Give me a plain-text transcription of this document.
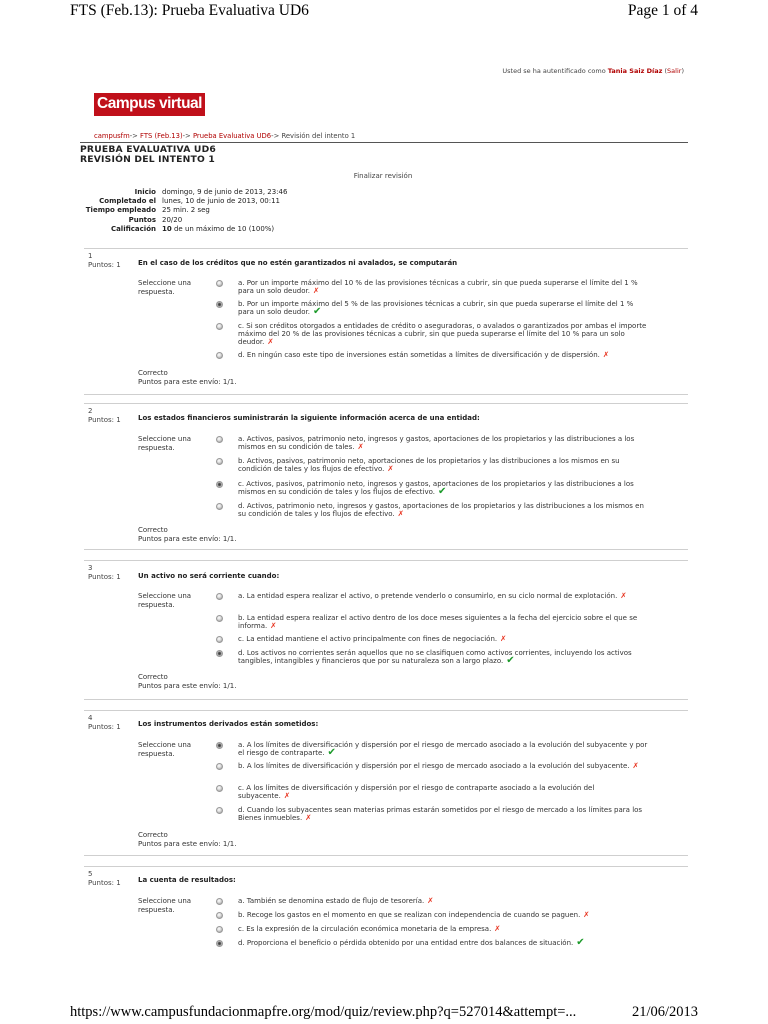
FTS (Feb.13): Prueba Evaluativa UD6	Page 1 of 4
Usted se ha autentificado como Tania Saiz Díaz (Salir)
Campus virtual
campusfm-> FTS (Feb.13)-> Prueba Evaluativa UD6-> Revisión del intento 1
PRUEBA EVALUATIVA UD6
REVISIÓN DEL INTENTO 1
Finalizar revisión
Inicio domingo, 9 de junio de 2013, 23:46
Completado el lunes, 10 de junio de 2013, 00:11
Tiempo empleado 25 min. 2 seg
Puntos 20/20
Calificación 10 de un máximo de 10 (100%)
1
Puntos: 1 En el caso de los créditos que no estén garantizados ni avalados, se computarán
Seleccione una respuesta.
a. Por un importe máximo del 10 % de las provisiones técnicas a cubrir, sin que pueda superarse el límite del 1 % para un solo deudor. ✗
b. Por un importe máximo del 5 % de las provisiones técnicas a cubrir, sin que pueda superarse el límite del 1 % para un solo deudor. ✔
c. Si son créditos otorgados a entidades de crédito o aseguradoras, o avalados o garantizados por ambas el importe máximo del 20 % de las provisiones técnicas a cubrir, sin que pueda superarse el límite del 10 % para un solo deudor. ✗
d. En ningún caso este tipo de inversiones están sometidas a límites de diversificación y de dispersión. ✗
Correcto
Puntos para este envío: 1/1.
2
Puntos: 1 Los estados financieros suministrarán la siguiente información acerca de una entidad:
Seleccione una respuesta.
a. Activos, pasivos, patrimonio neto, ingresos y gastos, aportaciones de los propietarios y las distribuciones a los mismos en su condición de tales. ✗
b. Activos, pasivos, patrimonio neto, aportaciones de los propietarios y las distribuciones a los mismos en su condición de tales y los flujos de efectivo. ✗
c. Activos, pasivos, patrimonio neto, ingresos y gastos, aportaciones de los propietarios y las distribuciones a los mismos en su condición de tales y los flujos de efectivo. ✔
d. Activos, patrimonio neto, ingresos y gastos, aportaciones de los propietarios y las distribuciones a los mismos en su condición de tales y los flujos de efectivo. ✗
Correcto
Puntos para este envío: 1/1.
3
Puntos: 1 Un activo no será corriente cuando:
Seleccione una respuesta.
a. La entidad espera realizar el activo, o pretende venderlo o consumirlo, en su ciclo normal de explotación. ✗
b. La entidad espera realizar el activo dentro de los doce meses siguientes a la fecha del ejercicio sobre el que se informa. ✗
c. La entidad mantiene el activo principalmente con fines de negociación. ✗
d. Los activos no corrientes serán aquellos que no se clasifiquen como activos corrientes, incluyendo los activos tangibles, intangibles y financieros que por su naturaleza son a largo plazo. ✔
Correcto
Puntos para este envío: 1/1.
4
Puntos: 1 Los instrumentos derivados están sometidos:
Seleccione una respuesta.
a. A los límites de diversificación y dispersión por el riesgo de mercado asociado a la evolución del subyacente y por el riesgo de contraparte. ✔
b. A los límites de diversificación y dispersión por el riesgo de mercado asociado a la evolución del subyacente. ✗
c. A los límites de diversificación y dispersión por el riesgo de contraparte asociado a la evolución del subyacente. ✗
d. Cuando los subyacentes sean materias primas estarán sometidos por el riesgo de mercado a los límites para los Bienes inmuebles. ✗
Correcto
Puntos para este envío: 1/1.
5
Puntos: 1 La cuenta de resultados:
Seleccione una respuesta.
a. También se denomina estado de flujo de tesorería. ✗
b. Recoge los gastos en el momento en que se realizan con independencia de cuando se paguen. ✗
c. Es la expresión de la circulación económica monetaria de la empresa. ✗
d. Proporciona el beneficio o pérdida obtenido por una entidad entre dos balances de situación. ✔
https://www.campusfundacionmapfre.org/mod/quiz/review.php?q=527014&attempt=...	21/06/2013
